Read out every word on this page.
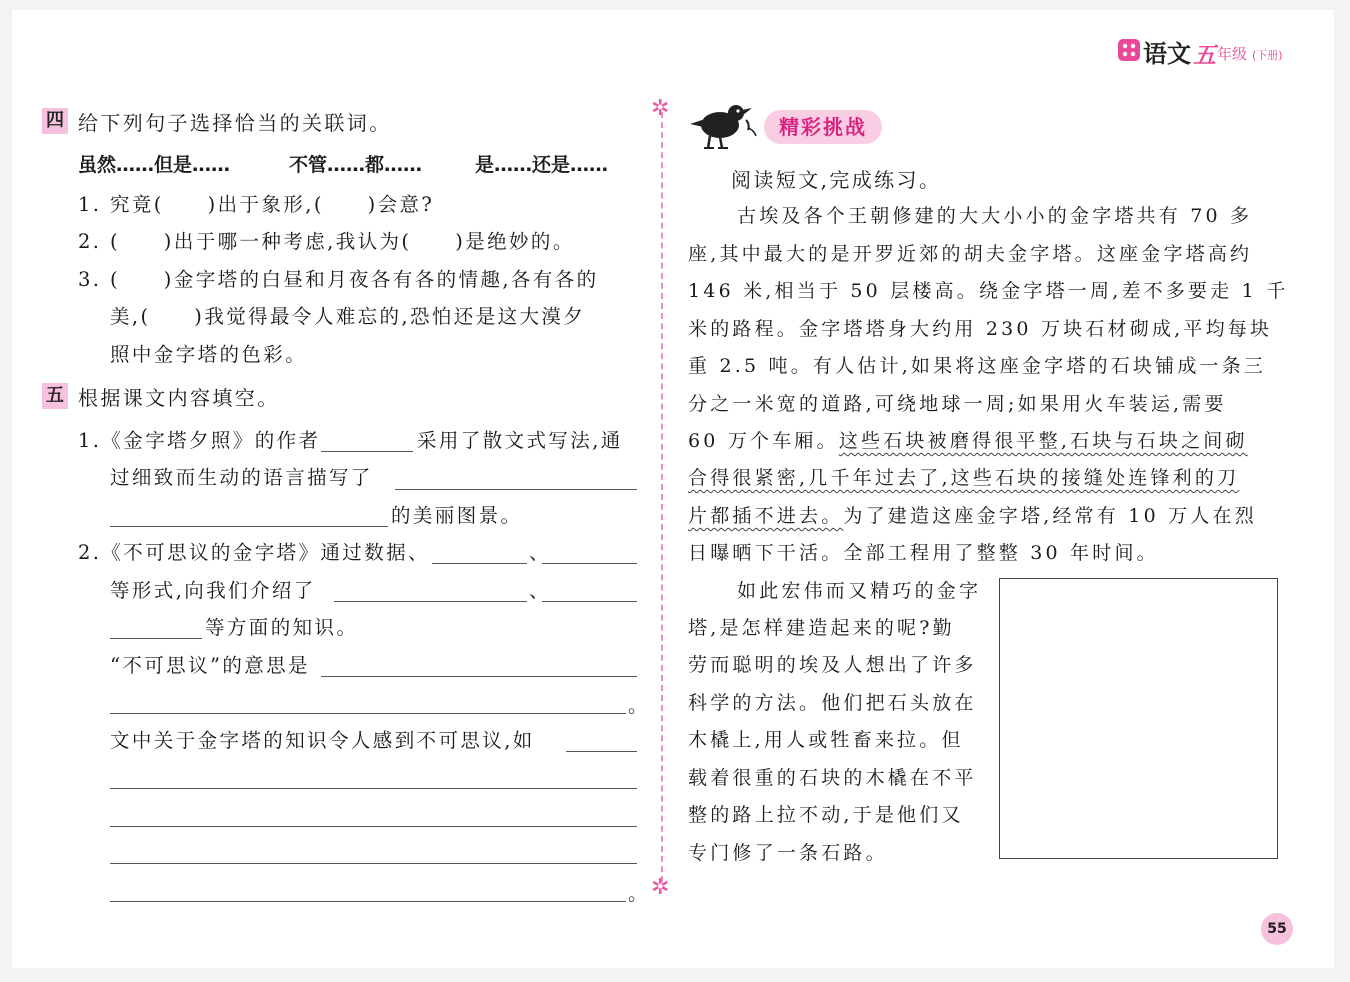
语文 五 年级 (下册)
四 给下列句子选择恰当的关联词。
虽然……但是……	不管……都……	是……还是……
1. 究竟(　　)出于象形,(　　)会意?
2. (　　)出于哪一种考虑,我认为(　　)是绝妙的。
3. (　　)金字塔的白昼和月夜各有各的情趣,各有各的
美,(　　)我觉得最令人难忘的,恐怕还是这大漠夕
照中金字塔的色彩。
五 根据课文内容填空。
1.《金字塔夕照》的作者	采用了散文式写法,通
过细致而生动的语言描写了
的美丽图景。
2.《不可思议的金字塔》通过数据、	、
等形式,向我们介绍了	、
等方面的知识。
“不可思议”的意思是
。
文中关于金字塔的知识令人感到不可思议,如
。
✲
✲
精彩挑战
阅读短文,完成练习。
古埃及各个王朝修建的大大小小的金字塔共有 70 多
座,其中最大的是开罗近郊的胡夫金字塔。这座金字塔高约
146 米,相当于 50 层楼高。绕金字塔一周,差不多要走 1 千
米的路程。金字塔塔身大约用 230 万块石材砌成,平均每块
重 2.5 吨。有人估计,如果将这座金字塔的石块铺成一条三
分之一米宽的道路,可绕地球一周;如果用火车装运,需要
60 万个车厢。这些石块被磨得很平整,石块与石块之间砌
合得很紧密,几千年过去了,这些石块的接缝处连锋利的刀
片都插不进去。为了建造这座金字塔,经常有 10 万人在烈
日曝晒下干活。全部工程用了整整 30 年时间。
如此宏伟而又精巧的金字
塔,是怎样建造起来的呢?勤
劳而聪明的埃及人想出了许多
科学的方法。他们把石头放在
木橇上,用人或牲畜来拉。但
载着很重的石块的木橇在不平
整的路上拉不动,于是他们又
专门修了一条石路。
55
